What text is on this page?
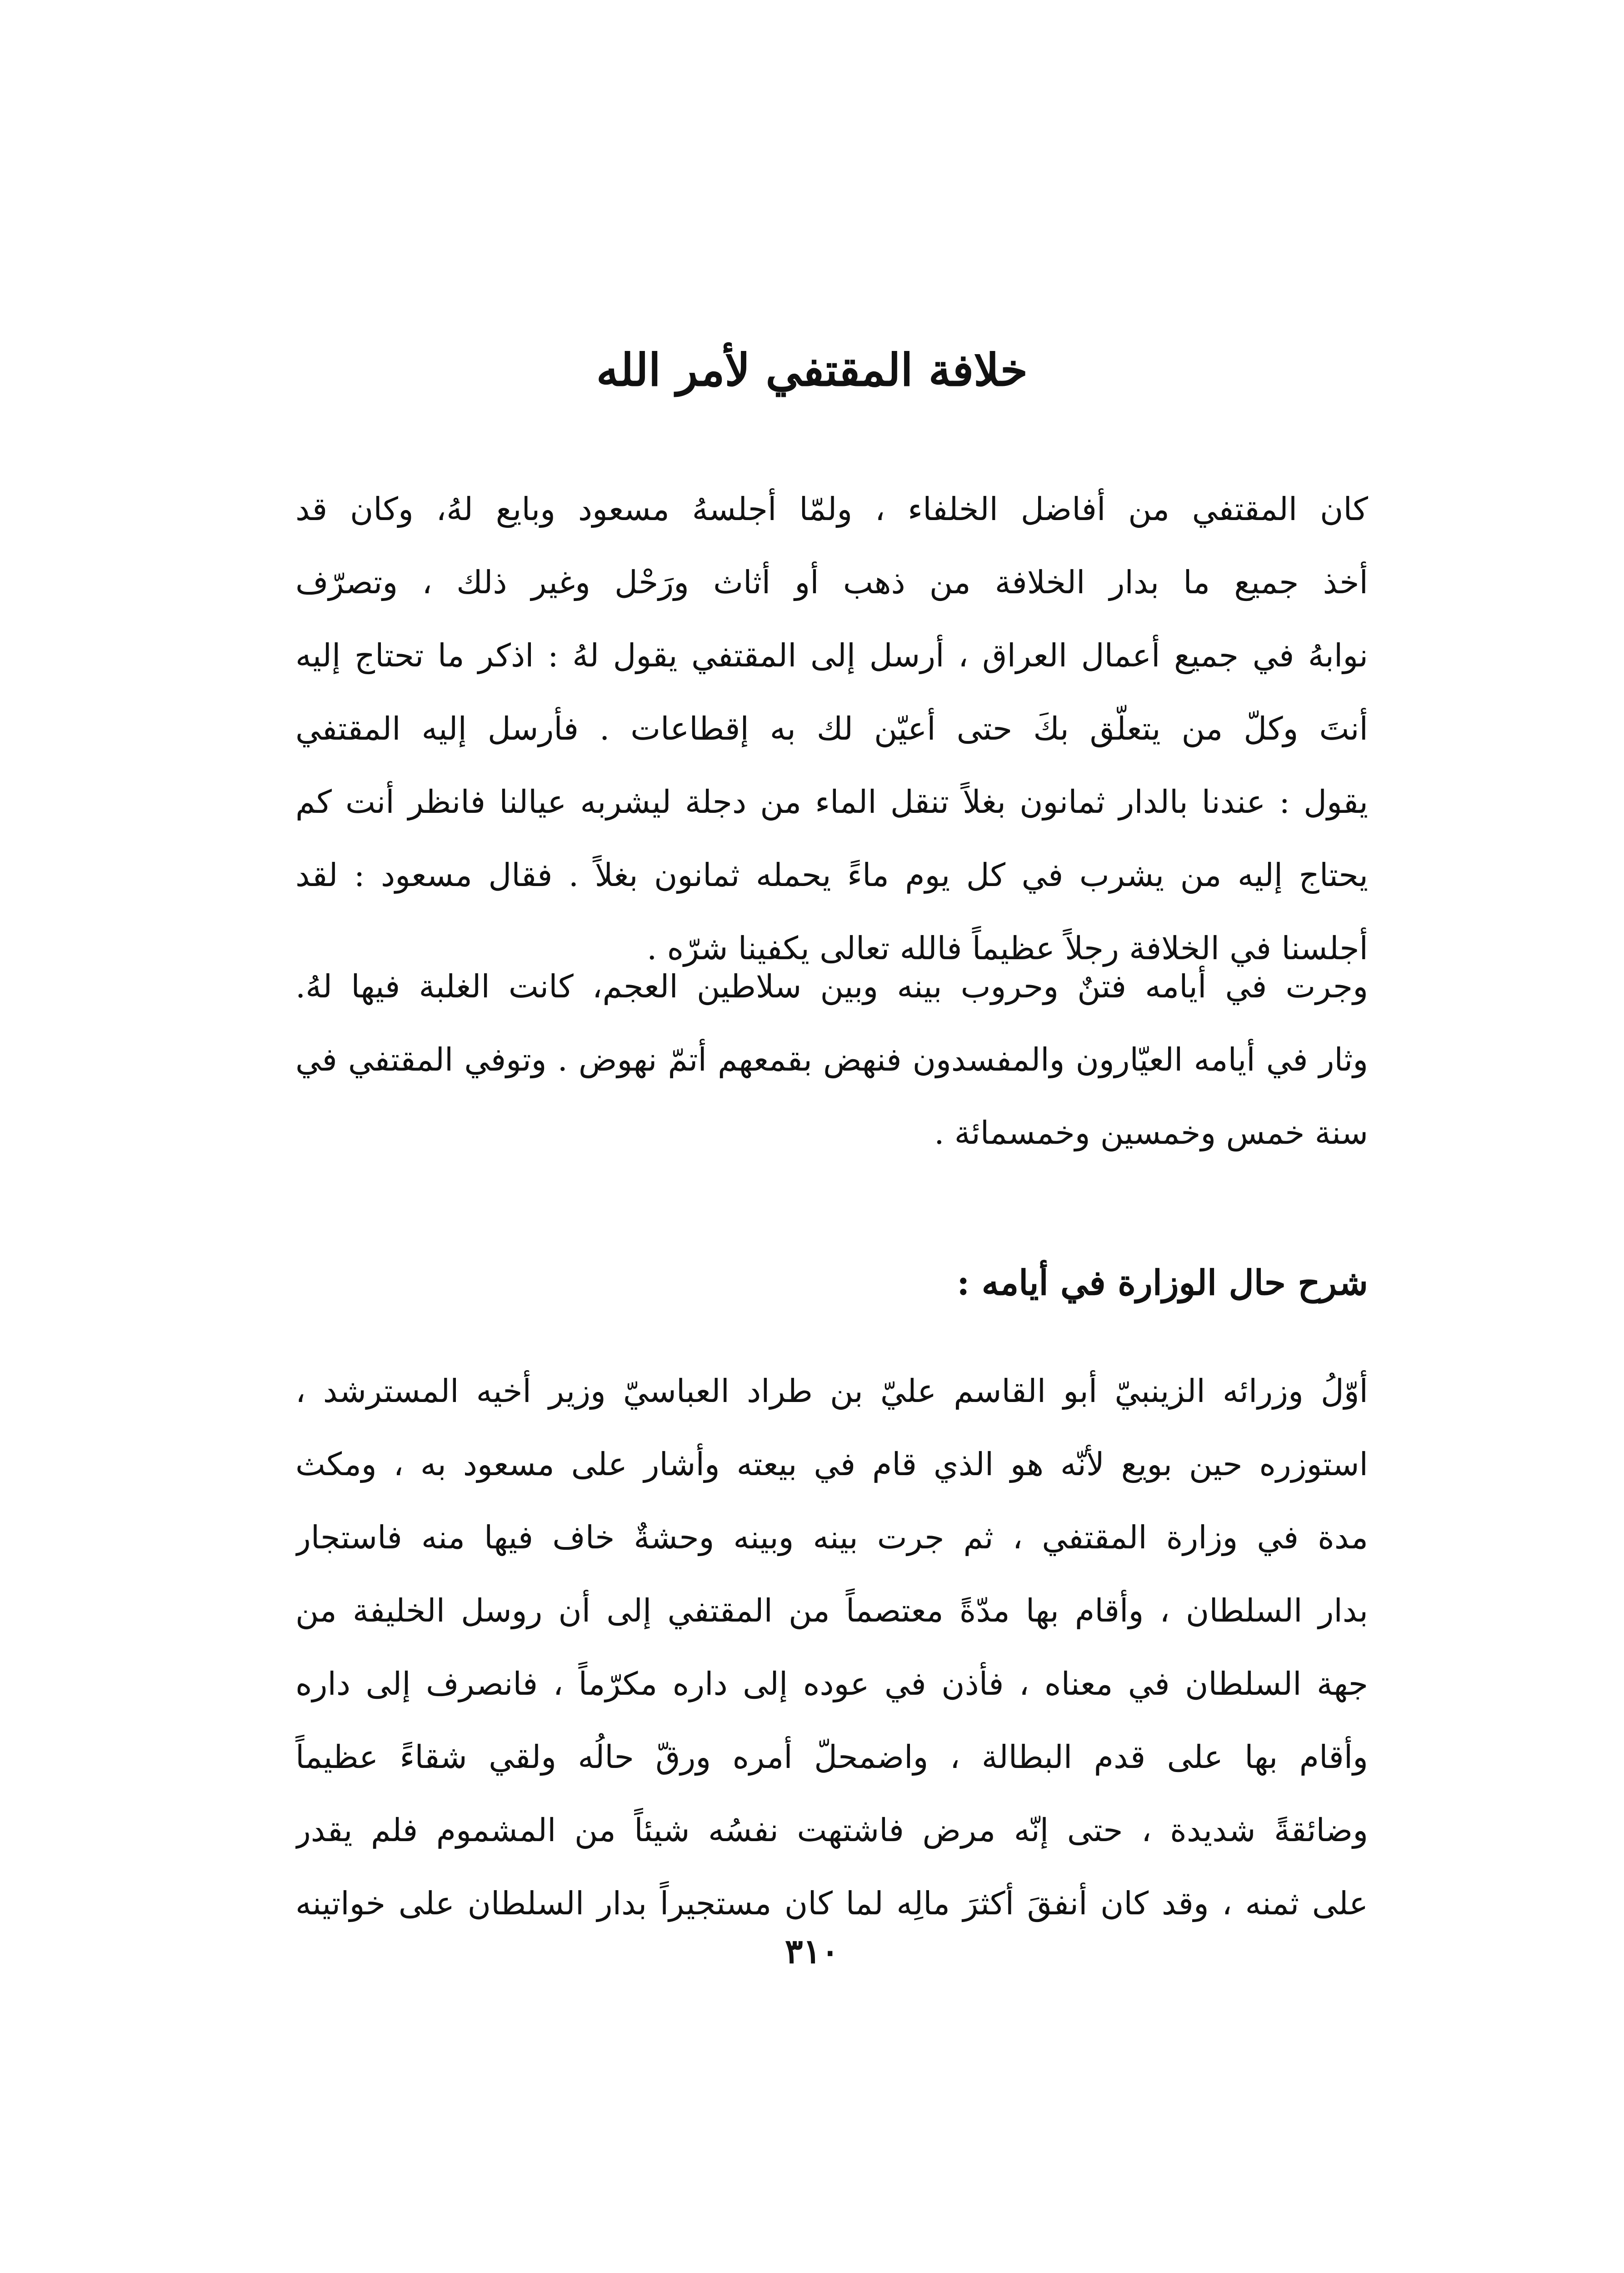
خلافة المقتفي لأمر الله
كان المقتفي من أفاضل الخلفاء ، ولمّا أجلسهُ مسعود وبايع لهُ، وكان قد
أخذ جميع ما بدار الخلافة من ذهب أو أثاث ورَحْل وغير ذلك ، وتصرّف
نوابهُ في جميع أعمال العراق ، أرسل إلى المقتفي يقول لهُ : اذكر ما تحتاج إليه
أنتَ وكلّ من يتعلّق بكَ حتى أعيّن لك به إقطاعات . فأرسل إليه المقتفي
يقول : عندنا بالدار ثمانون بغلاً تنقل الماء من دجلة ليشربه عيالنا فانظر أنت كم
يحتاج إليه من يشرب في كل يوم ماءً يحمله ثمانون بغلاً . فقال مسعود : لقد
أجلسنا في الخلافة رجلاً عظيماً فالله تعالى يكفينا شرّه .
وجرت في أيامه فتنٌ وحروب بينه وبين سلاطين العجم، كانت الغلبة فيها لهُ.
وثار في أيامه العيّارون والمفسدون فنهض بقمعهم أتمّ نهوض . وتوفي المقتفي في
سنة خمس وخمسين وخمسمائة .
شرح حال الوزارة في أيامه :
أوّلُ وزرائه الزينبيّ أبو القاسم عليّ بن طراد العباسيّ وزير أخيه المسترشد ،
استوزره حين بويع لأنّه هو الذي قام في بيعته وأشار على مسعود به ، ومكث
مدة في وزارة المقتفي ، ثم جرت بينه وبينه وحشةٌ خاف فيها منه فاستجار
بدار السلطان ، وأقام بها مدّةً معتصماً من المقتفي إلى أن روسل الخليفة من
جهة السلطان في معناه ، فأذن في عوده إلى داره مكرّماً ، فانصرف إلى داره
وأقام بها على قدم البطالة ، واضمحلّ أمره ورقّ حالُه ولقي شقاءً عظيماً
وضائقةً شديدة ، حتى إنّه مرض فاشتهت نفسُه شيئاً من المشموم فلم يقدر
على ثمنه ، وقد كان أنفقَ أكثرَ مالِه لما كان مستجيراً بدار السلطان على خواتينه
٣١٠
